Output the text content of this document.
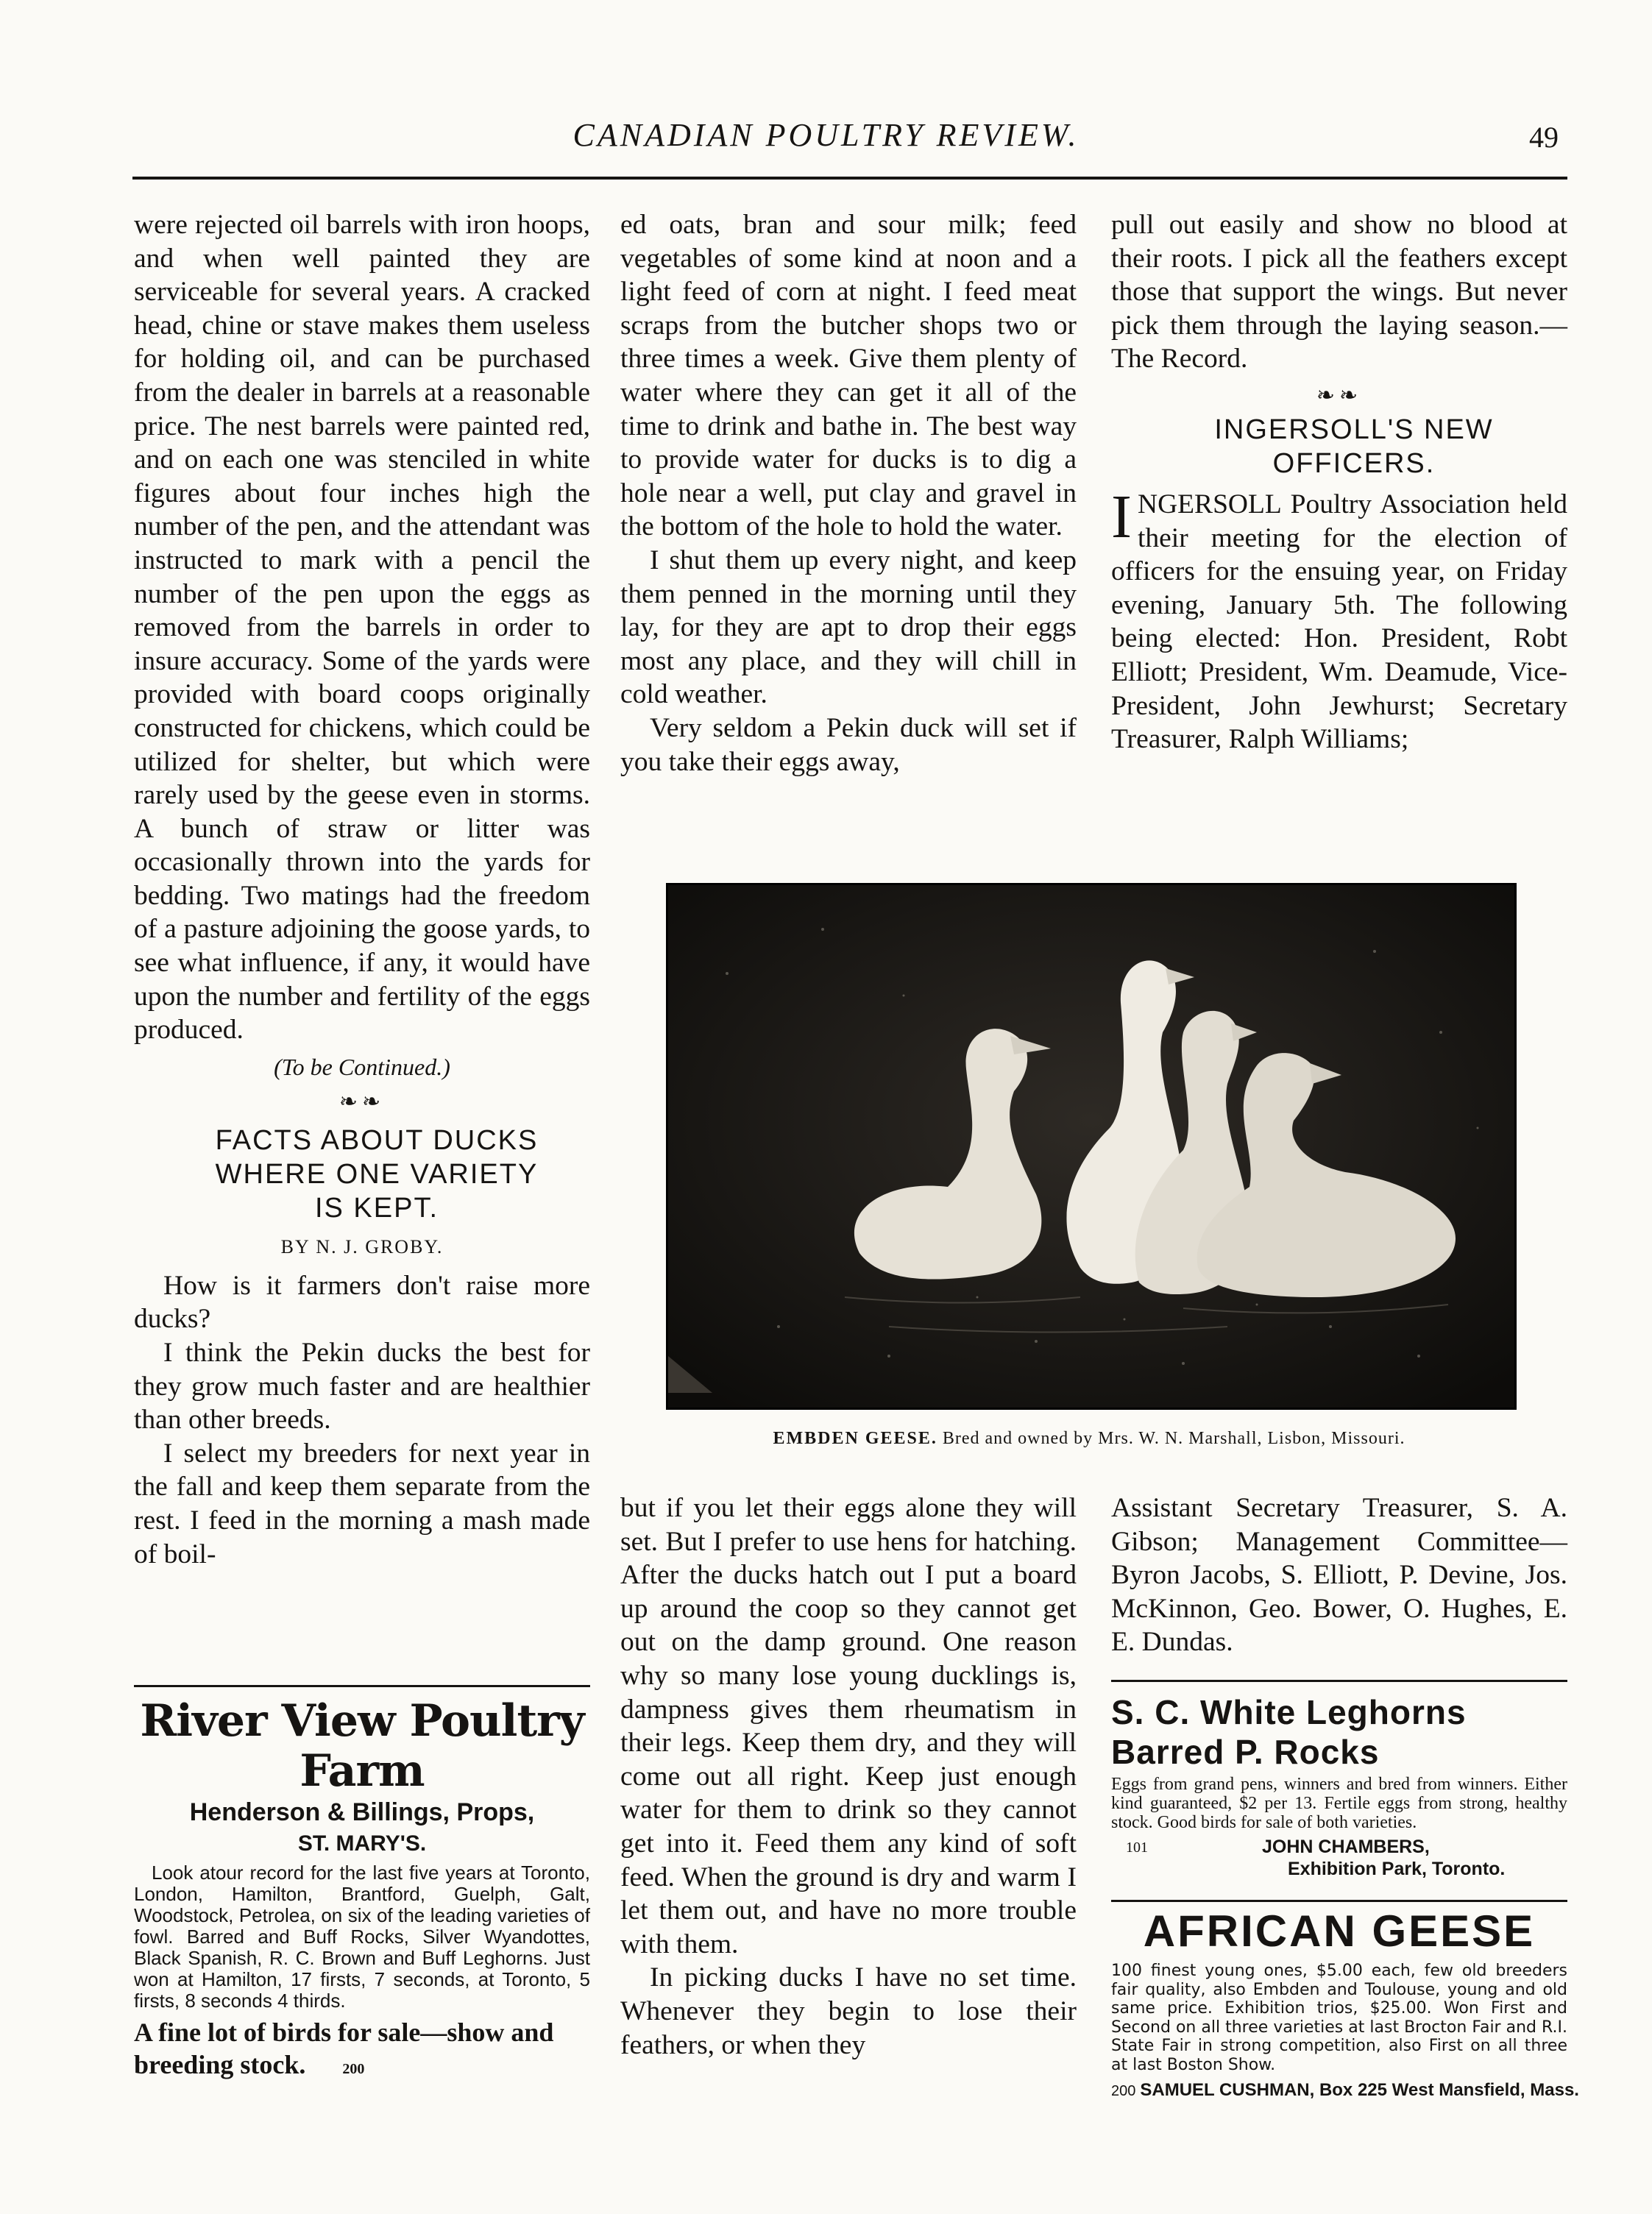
CANADIAN POULTRY REVIEW.	49

were rejected oil barrels with iron hoops, and when well painted they are serviceable for several years. A cracked head, chine or stave makes them useless for holding oil, and can be purchased from the dealer in barrels at a reasonable price. The nest barrels were painted red, and on each one was stenciled in white figures about four inches high the number of the pen, and the attendant was instructed to mark with a pencil the number of the pen upon the eggs as removed from the barrels in order to insure accuracy. Some of the yards were provided with board coops originally constructed for chickens, which could be utilized for shelter, but which were rarely used by the geese even in storms. A bunch of straw or litter was occasionally thrown into the yards for bedding. Two matings had the freedom of a pasture adjoining the goose yards, to see what influence, if any, it would have upon the number and fertility of the eggs produced.

(To be Continued.)
❧❧

FACTS ABOUT DUCKS

WHERE ONE VARIETY

IS KEPT.

BY N. J. GROBY.

How is it farmers don't raise more ducks?

I think the Pekin ducks the best for they grow much faster and are healthier than other breeds.

I select my breeders for next year in the fall and keep them separate from the rest. I feed in the morning a mash made of boil-

ed oats, bran and sour milk; feed vegetables of some kind at noon and a light feed of corn at night. I feed meat scraps from the butcher shops two or three times a week. Give them plenty of water where they can get it all of the time to drink and bathe in. The best way to provide water for ducks is to dig a hole near a well, put clay and gravel in the bottom of the hole to hold the water.

I shut them up every night, and keep them penned in the morning until they lay, for they are apt to drop their eggs most any place, and they will chill in cold weather.

Very seldom a Pekin duck will set if you take their eggs away,

pull out easily and show no blood at their roots. I pick all the feathers except those that support the wings. But never pick them through the laying season.—The Record.

❧❧

INGERSOLL'S NEW

OFFICERS.

INGERSOLL Poultry Association held their meeting for the election of officers for the ensuing year, on Friday evening, January 5th. The following being elected: Hon. President, Robt Elliott; President, Wm. Deamude, Vice-President, John Jewhurst; Secretary Treasurer, Ralph Williams;

EMBDEN GEESE. Bred and owned by Mrs. W. N. Marshall, Lisbon, Missouri.

but if you let their eggs alone they will set. But I prefer to use hens for hatching. After the ducks hatch out I put a board up around the coop so they cannot get out on the damp ground. One reason why so many lose young ducklings is, dampness gives them rheumatism in their legs. Keep them dry, and they will come out all right. Keep just enough water for them to drink so they cannot get into it. Feed them any kind of soft feed. When the ground is dry and warm I let them out, and have no more trouble with them.

In picking ducks I have no set time. Whenever they begin to lose their feathers, or when they

Assistant Secretary Treasurer, S. A. Gibson; Management Committee—Byron Jacobs, S. Elliott, P. Devine, Jos. McKinnon, Geo. Bower, O. Hughes, E. E. Dundas.

River View Poultry Farm
Henderson & Billings, Props,
ST. MARY'S.

Look atour record for the last five years at Toronto, London, Hamilton, Brantford, Guelph, Galt, Woodstock, Petrolea, on six of the leading varieties of fowl. Barred and Buff Rocks, Silver Wyandottes, Black Spanish, R. C. Brown and Buff Leghorns. Just won at Hamilton, 17 firsts, 7 seconds, at Toronto, 5 firsts, 8 seconds 4 thirds.

A fine lot of birds for sale—show and breeding stock.	200
S. C. White Leghorns
Barred P. Rocks
Eggs from grand pens, winners and bred from winners. Either kind guaranteed, $2 per 13. Fertile eggs from strong, healthy stock. Good birds for sale of both varieties.
101	JOHN CHAMBERS,
Exhibition Park, Toronto.
AFRICAN GEESE
100 finest young ones, $5.00 each, few old breeders fair quality, also Embden and Toulouse, young and old same price. Exhibition trios, $25.00. Won First and Second on all three varieties at last Brocton Fair and R.I. State Fair in strong competition, also First on all three at last Boston Show.
200 SAMUEL CUSHMAN, Box 225 West Mansfield, Mass.
